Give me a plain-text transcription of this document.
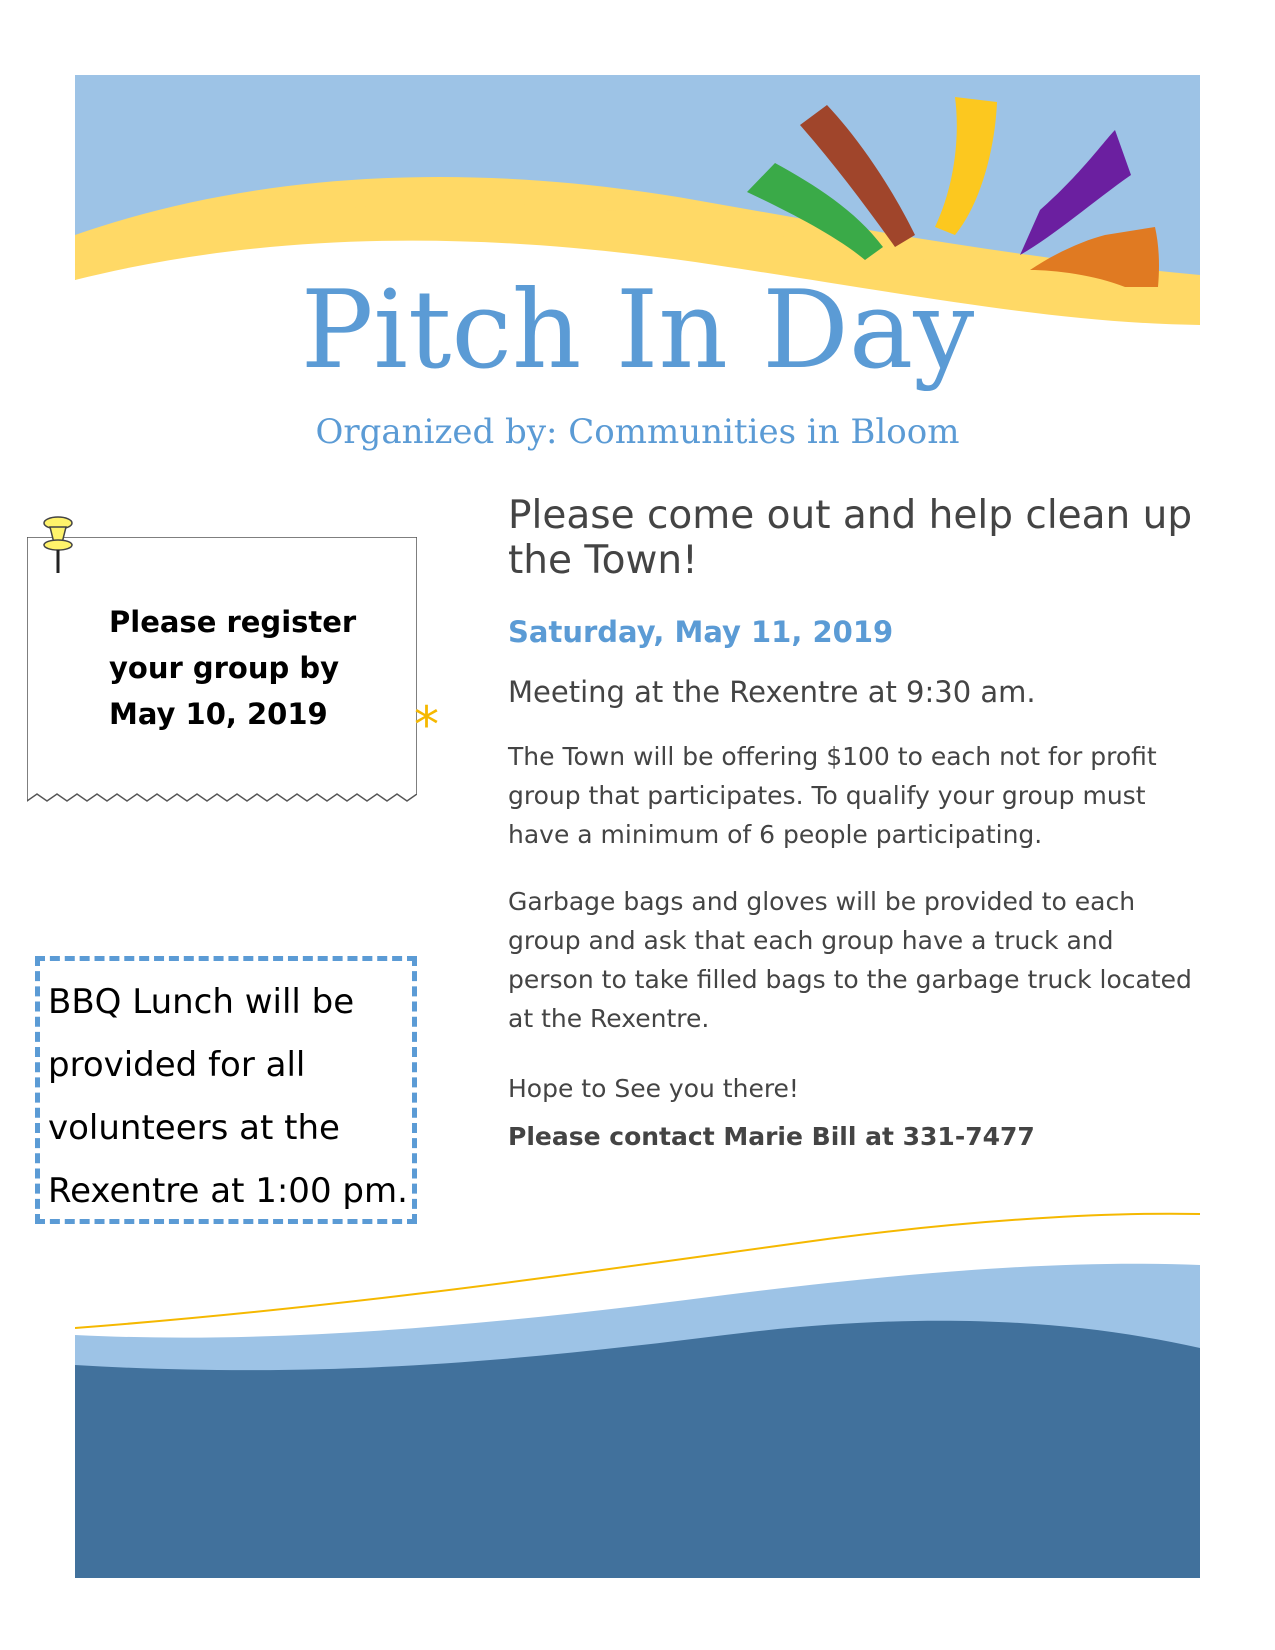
Pitch In Day
Organized by: Communities in Bloom
Please register
your group by
May 10, 2019	*
BBQ Lunch will be
provided for all
volunteers at the
Rexentre at 1:00 pm.

Please come out and help clean up the Town!

Saturday, May 11, 2019
Meeting at the Rexentre at 9:30 am.

The Town will be offering $100 to each not for profit group that participates. To qualify your group must have a minimum of 6 people participating.

Garbage bags and gloves will be provided to each group and ask that each group have a truck and person to take filled bags to the garbage truck located at the Rexentre.

Hope to See you there!
Please contact Marie Bill at 331-7477
